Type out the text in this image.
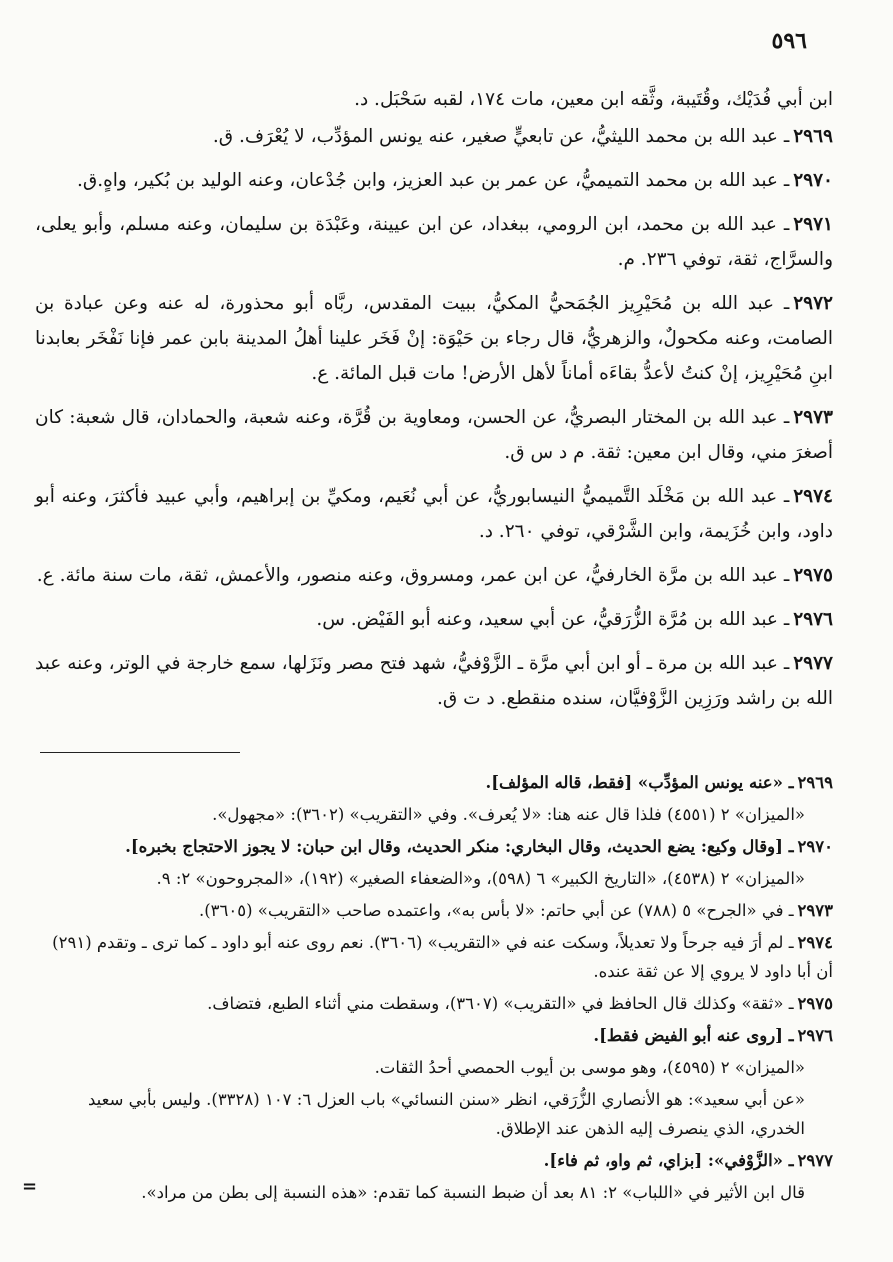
٥٩٦

ابن أبي فُدَيْك، وقُتَيبة، وثَّقه ابن معين، مات ١٧٤، لقبه سَحْبَل. د.

٢٩٦٩ـ عبد الله بن محمد الليثيُّ، عن تابعيٍّ صغير، عنه يونس المؤدِّب، لا يُعْرَف. ق.

٢٩٧٠ـ عبد الله بن محمد التميميُّ، عن عمر بن عبد العزيز، وابن جُدْعان، وعنه الوليد بن بُكير، واهٍ.ق.

٢٩٧١ـ عبد الله بن محمد، ابن الرومي، ببغداد، عن ابن عيينة، وعَبْدَة بن سليمان، وعنه مسلم، وأبو يعلى، والسرَّاج، ثقة، توفي ٢٣٦. م.

٢٩٧٢ـ عبد الله بن مُحَيْرِيز الجُمَحيُّ المكيُّ، ببيت المقدس، ربَّاه أبو محذورة، له عنه وعن عبادة بن الصامت، وعنه مكحولٌ، والزهريُّ، قال رجاء بن حَيْوَة: إنْ فَخَر علينا أهلُ المدينة بابن عمر فإنا نَفْخَر بعابدنا ابنِ مُحَيْرِيز، إنْ كنتُ لأعدُّ بقاءَه أماناً لأهل الأرض! مات قبل المائة. ع.

٢٩٧٣ـ عبد الله بن المختار البصريُّ، عن الحسن، ومعاوية بن قُرَّة، وعنه شعبة، والحمادان، قال شعبة: كان أصغرَ مني، وقال ابن معين: ثقة. م د س ق.

٢٩٧٤ـ عبد الله بن مَخْلَد التَّميميُّ النيسابوريُّ، عن أبي نُعَيم، ومكيِّ بن إبراهيم، وأبي عبيد فأكثرَ، وعنه أبو داود، وابن خُزَيمة، وابن الشَّرْقي، توفي ٢٦٠. د.

٢٩٧٥ـ عبد الله بن مرَّة الخارفيُّ، عن ابن عمر، ومسروق، وعنه منصور، والأعمش، ثقة، مات سنة مائة. ع.

٢٩٧٦ـ عبد الله بن مُرَّة الزُّرَقيُّ، عن أبي سعيد، وعنه أبو الفَيْض. س.

٢٩٧٧ـ عبد الله بن مرة ـ أو ابن أبي مرَّة ـ الزَّوْفيُّ، شهد فتح مصر ونَزَلها، سمع خارجة في الوتر، وعنه عبد الله بن راشد ورَزِين الزَّوْفيَّان، سنده منقطع. د ت ق.

٢٩٦٩ـ «عنه يونس المؤدِّب» [فقط، قاله المؤلف].

«الميزان» ٢ (٤٥٥١) فلذا قال عنه هنا: «لا يُعرف». وفي «التقريب» (٣٦٠٢): «مجهول».

٢٩٧٠ـ [وقال وكيع: يضع الحديث، وقال البخاري: منكر الحديث، وقال ابن حبان: لا يجوز الاحتجاج بخبره].

«الميزان» ٢ (٤٥٣٨)، «التاريخ الكبير» ٦ (٥٩٨)، و«الضعفاء الصغير» (١٩٢)، «المجروحون» ٢: ٩.

٢٩٧٣ـ في «الجرح» ٥ (٧٨٨) عن أبي حاتم: «لا بأس به»، واعتمده صاحب «التقريب» (٣٦٠٥).

٢٩٧٤ـ لم أرَ فيه جرحاً ولا تعديلاً، وسكت عنه في «التقريب» (٣٦٠٦). نعم روى عنه أبو داود ـ كما ترى ـ وتقدم (٢٩١) أن أبا داود لا يروي إلا عن ثقة عنده.

٢٩٧٥ـ «ثقة» وكذلك قال الحافظ في «التقريب» (٣٦٠٧)، وسقطت مني أثناء الطبع، فتضاف.

٢٩٧٦ـ [روى عنه أبو الفيض فقط].

«الميزان» ٢ (٤٥٩٥)، وهو موسى بن أيوب الحمصي أحدُ الثقات.

«عن أبي سعيد»: هو الأنصاري الزُّرَقي، انظر «سنن النسائي» باب العزل ٦: ١٠٧ (٣٣٢٨). وليس بأبي سعيد الخدري، الذي ينصرف إليه الذهن عند الإطلاق.

٢٩٧٧ـ «الزَّوْفي»: [بزاي، ثم واو، ثم فاء].

قال ابن الأثير في «اللباب» ٢: ٨١ بعد أن ضبط النسبة كما تقدم: «هذه النسبة إلى بطن من مراد».

=
